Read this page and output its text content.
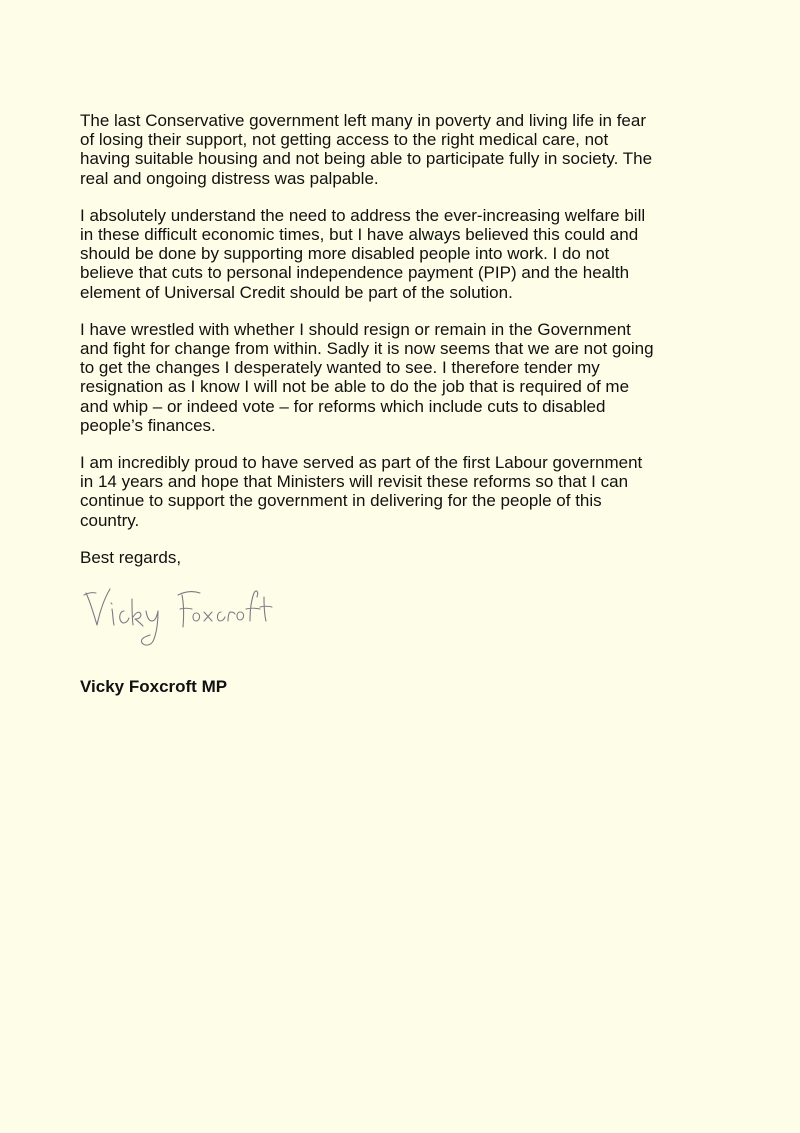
The last Conservative government left many in poverty and living life in fear
of losing their support, not getting access to the right medical care, not
having suitable housing and not being able to participate fully in society. The
real and ongoing distress was palpable.

I absolutely understand the need to address the ever-increasing welfare bill
in these difficult economic times, but I have always believed this could and
should be done by supporting more disabled people into work. I do not
believe that cuts to personal independence payment (PIP) and the health
element of Universal Credit should be part of the solution.

I have wrestled with whether I should resign or remain in the Government
and fight for change from within. Sadly it is now seems that we are not going
to get the changes I desperately wanted to see. I therefore tender my
resignation as I know I will not be able to do the job that is required of me
and whip – or indeed vote – for reforms which include cuts to disabled
people’s finances.

I am incredibly proud to have served as part of the first Labour government
in 14 years and hope that Ministers will revisit these reforms so that I can
continue to support the government in delivering for the people of this
country.

Best regards,

Vicky Foxcroft MP
